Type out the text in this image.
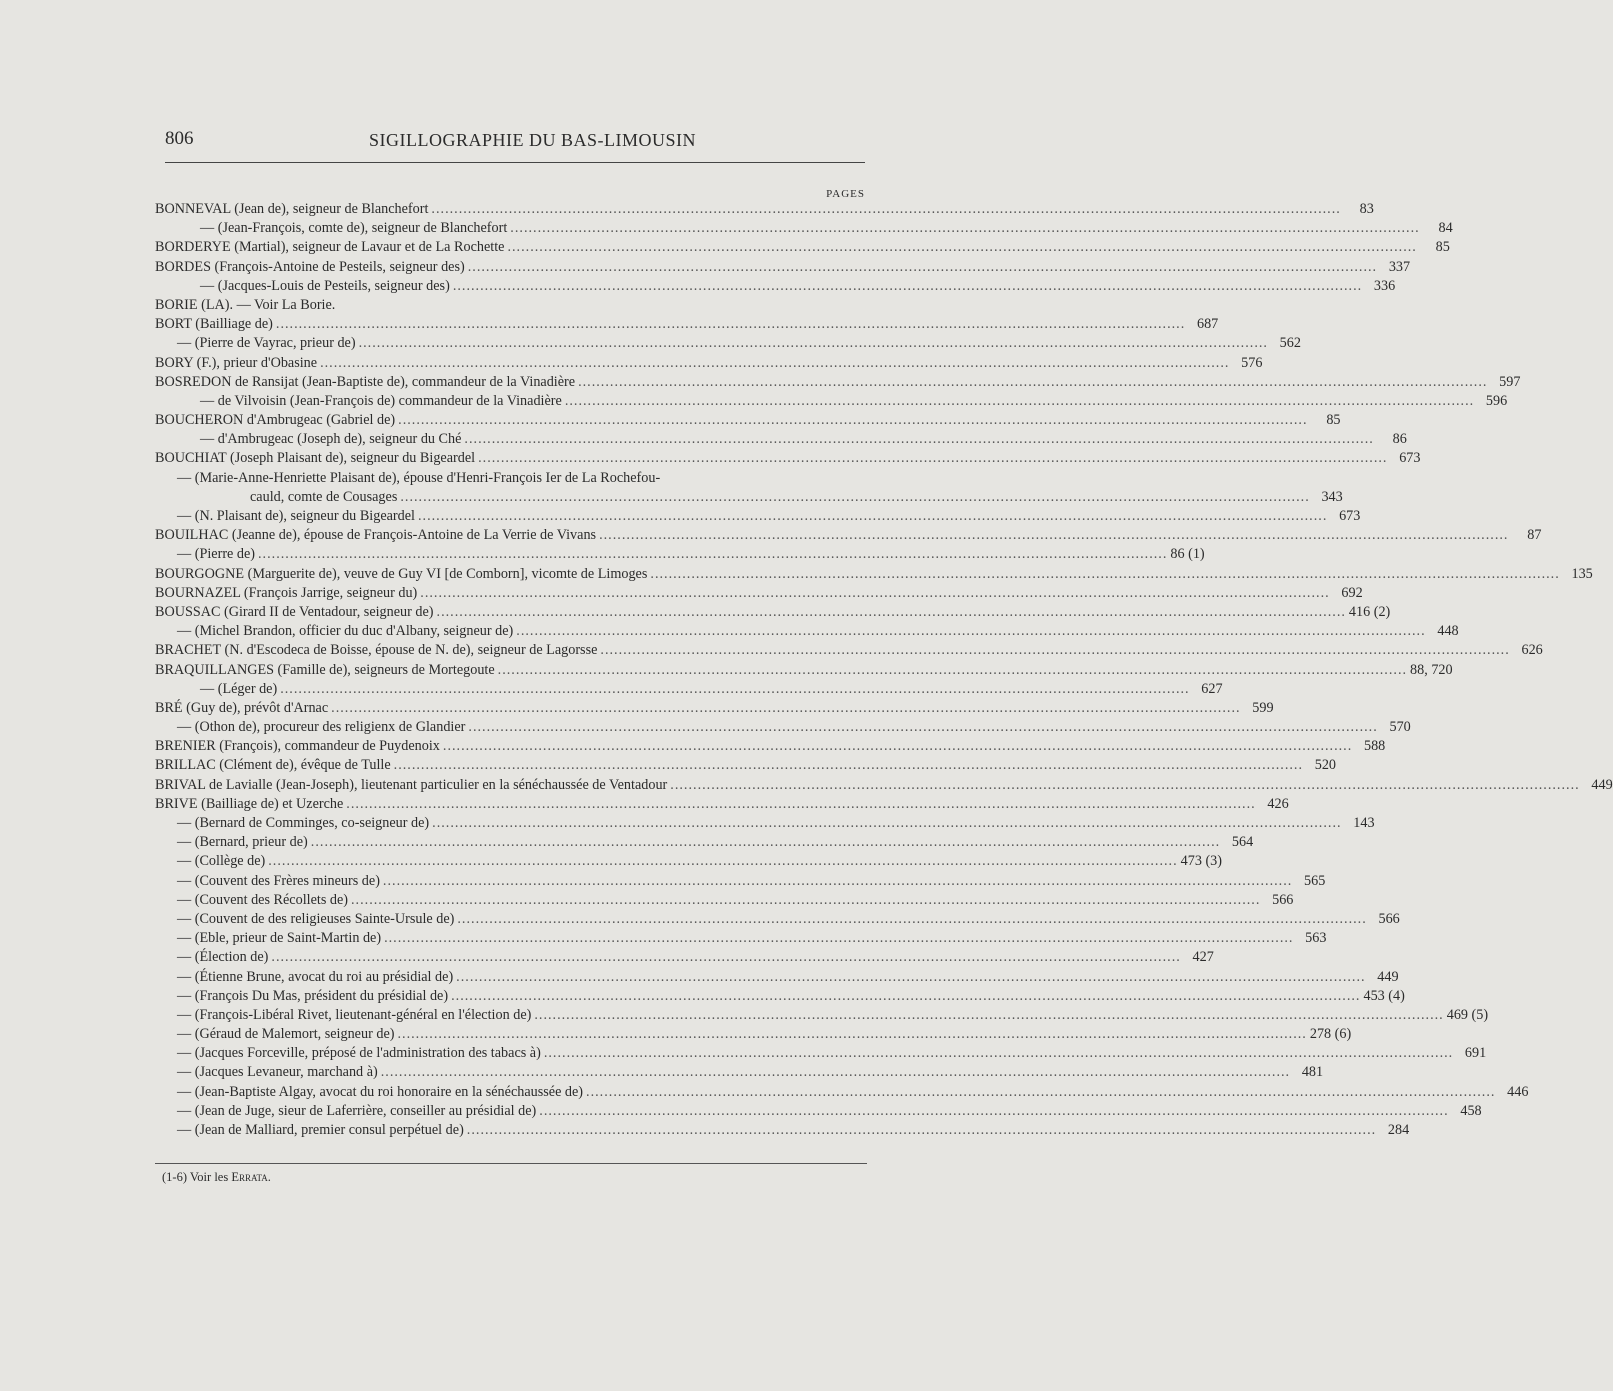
806	SIGILLOGRAPHIE DU BAS-LIMOUSIN
PAGES
BONNEVAL (Jean de), seigneur de Blanchefort .....	83
— (Jean-François, comte de), seigneur de Blanchefort .....	84
BORDERYE (Martial), seigneur de Lavaur et de La Rochette .....	85
BORDES (François-Antoine de Pesteils, seigneur des) .....	337
— (Jacques-Louis de Pesteils, seigneur des) .....	336
BORIE (LA). — Voir La Borie.
BORT (Bailliage de) .....	687
— (Pierre de Vayrac, prieur de) .....	562
BORY (F.), prieur d'Obasine .....	576
BOSREDON de Ransijat (Jean-Baptiste de), commandeur de la Vinadière .....	597
— de Vilvoisin (Jean-François de) commandeur de la Vinadière .....	596
BOUCHERON d'Ambrugeac (Gabriel de) .....	85
— d'Ambrugeac (Joseph de), seigneur du Ché .....	86
BOUCHIAT (Joseph Plaisant de), seigneur du Bigeardel .....	673
— (Marie-Anne-Henriette Plaisant de), épouse d'Henri-François Ier de La Rochefou-
cauld, comte de Cousages .....	343
— (N. Plaisant de), seigneur du Bigeardel .....	673
BOUILHAC (Jeanne de), épouse de François-Antoine de La Verrie de Vivans .....	87
— (Pierre de) .....	86 (1)
BOURGOGNE (Marguerite de), veuve de Guy VI [de Comborn], vicomte de Limoges .....	135
BOURNAZEL (François Jarrige, seigneur du) .....	692
BOUSSAC (Girard II de Ventadour, seigneur de) .....	416 (2)
— (Michel Brandon, officier du duc d'Albany, seigneur de) .....	448
BRACHET (N. d'Escodeca de Boisse, épouse de N. de), seigneur de Lagorsse .....	626
BRAQUILLANGES (Famille de), seigneurs de Mortegoute .....	88, 720
— (Léger de) .....	627
BRÉ (Guy de), prévôt d'Arnac .....	599
— (Othon de), procureur des religienx de Glandier .....	570
BRENIER (François), commandeur de Puydenoix .....	588
BRILLAC (Clément de), évêque de Tulle .....	520
BRIVAL de Lavialle (Jean-Joseph), lieutenant particulier en la sénéchaussée de Ventadour .....	449
BRIVE (Bailliage de) et Uzerche .....	426
— (Bernard de Comminges, co-seigneur de) .....	143
— (Bernard, prieur de) .....	564
— (Collège de) .....	473 (3)
— (Couvent des Frères mineurs de) .....	565
— (Couvent des Récollets de) .....	566
— (Couvent de des religieuses Sainte-Ursule de) .....	566
— (Eble, prieur de Saint-Martin de) .....	563
— (Élection de) .....	427
— (Étienne Brune, avocat du roi au présidial de) .....	449
— (François Du Mas, président du présidial de) .....	453 (4)
— (François-Libéral Rivet, lieutenant-général en l'élection de) .....	469 (5)
— (Géraud de Malemort, seigneur de) .....	278 (6)
— (Jacques Forceville, préposé de l'administration des tabacs à) .....	691
— (Jacques Levaneur, marchand à) .....	481
— (Jean-Baptiste Algay, avocat du roi honoraire en la sénéchaussée de) .....	446
— (Jean de Juge, sieur de Laferrière, conseiller au présidial de) .....	458
— (Jean de Malliard, premier consul perpétuel de) .....	284
(1-6) Voir les Errata.
